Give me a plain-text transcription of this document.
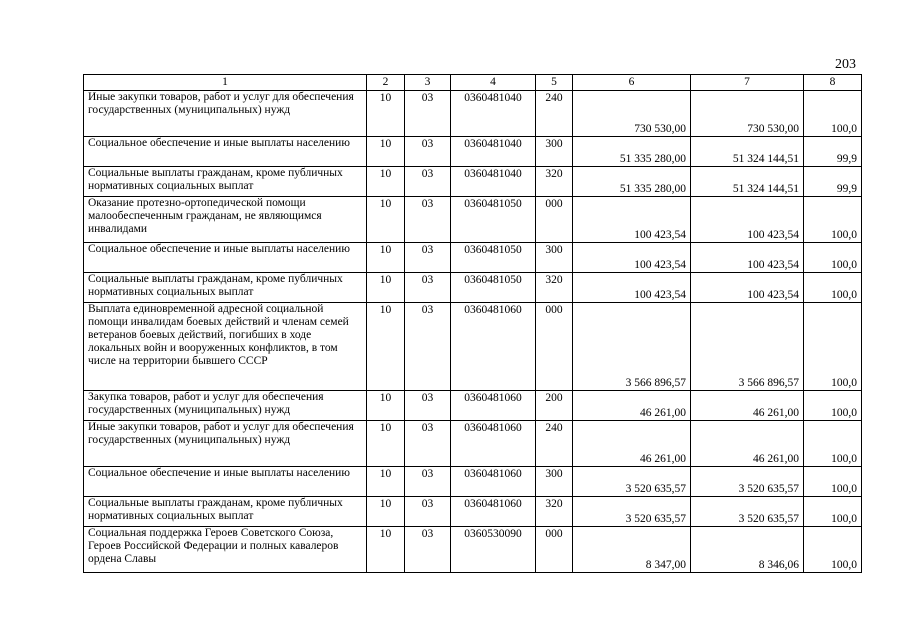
203
1	2	3	4	5	6	7	8
Иные закупки товаров, работ и услуг для обеспечения государственных (муниципальных) нужд	10	03	0360481040	240	730 530,00	730 530,00	100,0
Социальное обеспечение и иные выплаты населению	10	03	0360481040	300	51 335 280,00	51 324 144,51	99,9
Социальные выплаты гражданам, кроме публичных нормативных социальных выплат	10	03	0360481040	320	51 335 280,00	51 324 144,51	99,9
Оказание протезно-ортопедической помощи малообеспеченным гражданам, не являющимся инвалидами	10	03	0360481050	000	100 423,54	100 423,54	100,0
Социальное обеспечение и иные выплаты населению	10	03	0360481050	300	100 423,54	100 423,54	100,0
Социальные выплаты гражданам, кроме публичных нормативных социальных выплат	10	03	0360481050	320	100 423,54	100 423,54	100,0
Выплата единовременной адресной социальной помощи инвалидам боевых действий и членам семей ветеранов боевых действий, погибших в ходе локальных войн и вооруженных конфликтов, в том числе на территории бывшего СССР	10	03	0360481060	000	3 566 896,57	3 566 896,57	100,0
Закупка товаров, работ и услуг для обеспечения государственных (муниципальных) нужд	10	03	0360481060	200	46 261,00	46 261,00	100,0
Иные закупки товаров, работ и услуг для обеспечения государственных (муниципальных) нужд	10	03	0360481060	240	46 261,00	46 261,00	100,0
Социальное обеспечение и иные выплаты населению	10	03	0360481060	300	3 520 635,57	3 520 635,57	100,0
Социальные выплаты гражданам, кроме публичных нормативных социальных выплат	10	03	0360481060	320	3 520 635,57	3 520 635,57	100,0
Социальная поддержка Героев Советского Союза, Героев Российской Федерации и полных кавалеров ордена Славы	10	03	0360530090	000	8 347,00	8 346,06	100,0
